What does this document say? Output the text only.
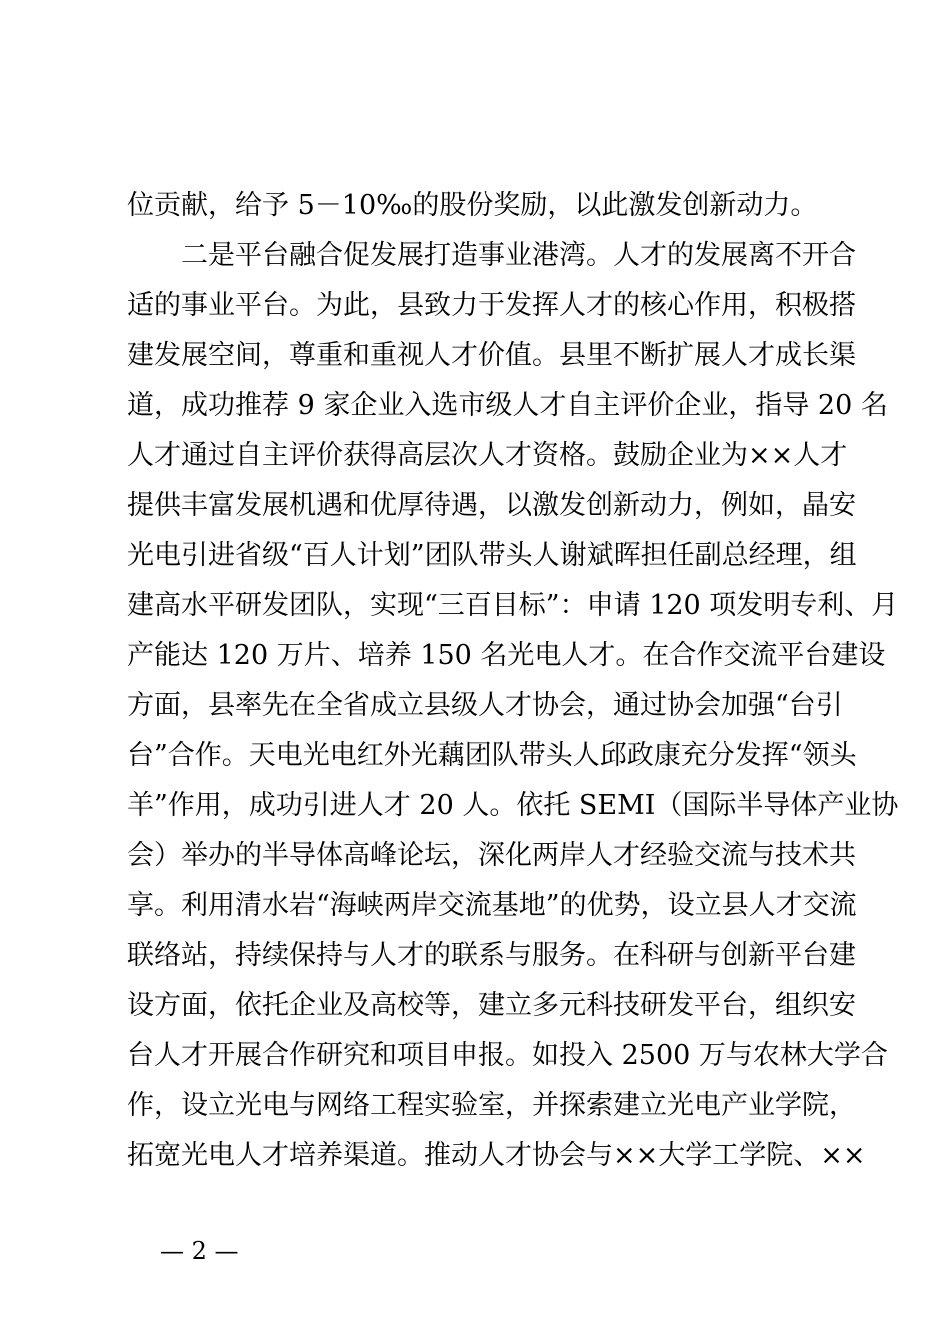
位贡献，给予 5－10‰的股份奖励，以此激发创新动力。
二是平台融合促发展打造事业港湾。人才的发展离不开合
适的事业平台。为此，县致力于发挥人才的核心作用，积极搭
建发展空间，尊重和重视人才价值。县里不断扩展人才成长渠
道，成功推荐 9 家企业入选市级人才自主评价企业，指导 20 名
人才通过自主评价获得高层次人才资格。鼓励企业为××人才
提供丰富发展机遇和优厚待遇，以激发创新动力，例如，晶安
光电引进省级“百人计划”团队带头人谢斌晖担任副总经理，组
建高水平研发团队，实现“三百目标”：申请 120 项发明专利、月
产能达 120 万片、培养 150 名光电人才。在合作交流平台建设
方面，县率先在全省成立县级人才协会，通过协会加强“台引
台”合作。天电光电红外光藕团队带头人邱政康充分发挥“领头
羊”作用，成功引进人才 20 人。依托 SEMI（国际半导体产业协
会）举办的半导体高峰论坛，深化两岸人才经验交流与技术共
享。利用清水岩“海峡两岸交流基地”的优势，设立县人才交流
联络站，持续保持与人才的联系与服务。在科研与创新平台建
设方面，依托企业及高校等，建立多元科技研发平台，组织安
台人才开展合作研究和项目申报。如投入 2500 万与农林大学合
作，设立光电与网络工程实验室，并探索建立光电产业学院，
拓宽光电人才培养渠道。推动人才协会与××大学工学院、××
— 2 —
